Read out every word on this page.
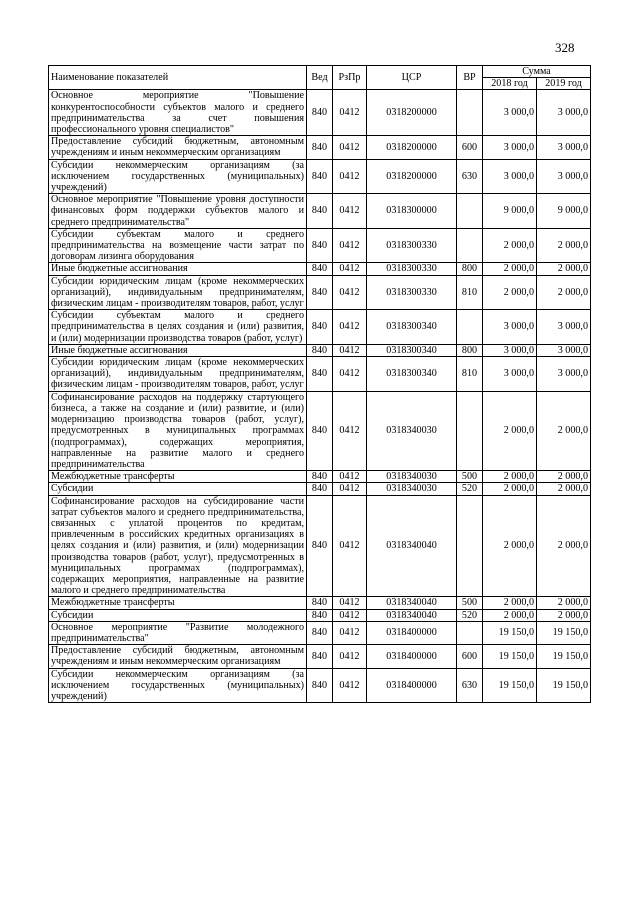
328
Наименование показателей	Вед	РзПр	ЦСР	ВР	Сумма	
					2018 год	2019 год
Основное мероприятие "Повышение конкурентоспособности субъектов малого и среднего предпринимательства за счет повышения профессионального уровня специалистов"	840	0412	0318200000		3 000,0	3 000,0
Предоставление субсидий бюджетным, автономным учреждениям и иным некоммерческим организациям	840	0412	0318200000	600	3 000,0	3 000,0
Субсидии некоммерческим организациям (за исключением государственных (муниципальных) учреждений)	840	0412	0318200000	630	3 000,0	3 000,0
Основное мероприятие "Повышение уровня доступности финансовых форм поддержки субъектов малого и среднего предпринимательства"	840	0412	0318300000		9 000,0	9 000,0
Субсидии субъектам малого и среднего предпринимательства на возмещение части затрат по договорам лизинга оборудования	840	0412	0318300330		2 000,0	2 000,0
Иные бюджетные ассигнования	840	0412	0318300330	800	2 000,0	2 000,0
Субсидии юридическим лицам (кроме некоммерческих организаций), индивидуальным предпринимателям, физическим лицам - производителям товаров, работ, услуг	840	0412	0318300330	810	2 000,0	2 000,0
Субсидии субъектам малого и среднего предпринимательства в целях создания и (или) развития, и (или) модернизации производства товаров (работ, услуг)	840	0412	0318300340		3 000,0	3 000,0
Иные бюджетные ассигнования	840	0412	0318300340	800	3 000,0	3 000,0
Субсидии юридическим лицам (кроме некоммерческих организаций), индивидуальным предпринимателям, физическим лицам - производителям товаров, работ, услуг	840	0412	0318300340	810	3 000,0	3 000,0
Софинансирование расходов на поддержку стартующего бизнеса, а также на создание и (или) развитие, и (или) модернизацию производства товаров (работ, услуг), предусмотренных в муниципальных программах (подпрограммах), содержащих мероприятия, направленные на развитие малого и среднего предпринимательства	840	0412	0318340030		2 000,0	2 000,0
Межбюджетные трансферты	840	0412	0318340030	500	2 000,0	2 000,0
Субсидии	840	0412	0318340030	520	2 000,0	2 000,0
Софинансирование расходов на субсидирование части затрат субъектов малого и среднего предпринимательства, связанных с уплатой процентов по кредитам, привлеченным в российских кредитных организациях в целях создания и (или) развития, и (или) модернизации производства товаров (работ, услуг), предусмотренных в муниципальных программах (подпрограммах), содержащих мероприятия, направленные на развитие малого и среднего предпринимательства	840	0412	0318340040		2 000,0	2 000,0
Межбюджетные трансферты	840	0412	0318340040	500	2 000,0	2 000,0
Субсидии	840	0412	0318340040	520	2 000,0	2 000,0
Основное мероприятие "Развитие молодежного предпринимательства"	840	0412	0318400000		19 150,0	19 150,0
Предоставление субсидий бюджетным, автономным учреждениям и иным некоммерческим организациям	840	0412	0318400000	600	19 150,0	19 150,0
Субсидии некоммерческим организациям (за исключением государственных (муниципальных) учреждений)	840	0412	0318400000	630	19 150,0	19 150,0
